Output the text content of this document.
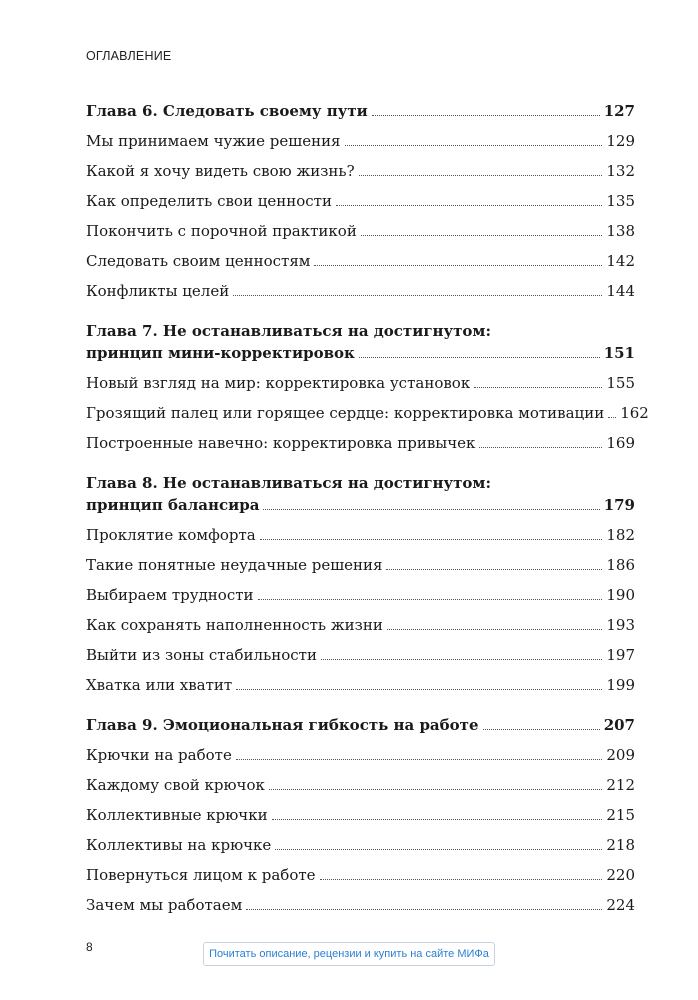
ОГЛАВЛЕНИЕ
Глава 6. Следовать своему пути	127
Мы принимаем чужие решения	129
Какой я хочу видеть свою жизнь?	132
Как определить свои ценности	135
Покончить с порочной практикой	138
Следовать своим ценностям	142
Конфликты целей	144
Глава 7. Не останавливаться на достигнутом:
принцип мини-корректировок	151
Новый взгляд на мир: корректировка установок	155
Грозящий палец или горящее сердце: корректировка мотивации 162
Построенные навечно: корректировка привычек	169
Глава 8. Не останавливаться на достигнутом:
принцип балансира	179
Проклятие комфорта	182
Такие понятные неудачные решения	186
Выбираем трудности	190
Как сохранять наполненность жизни	193
Выйти из зоны стабильности	197
Хватка или хватит	199
Глава 9. Эмоциональная гибкость на работе	207
Крючки на работе	209
Каждому свой крючок	212
Коллективные крючки	215
Коллективы на крючке	218
Повернуться лицом к работе	220
Зачем мы работаем	224
8	Почитать описание, рецензии и купить на сайте МИФа
